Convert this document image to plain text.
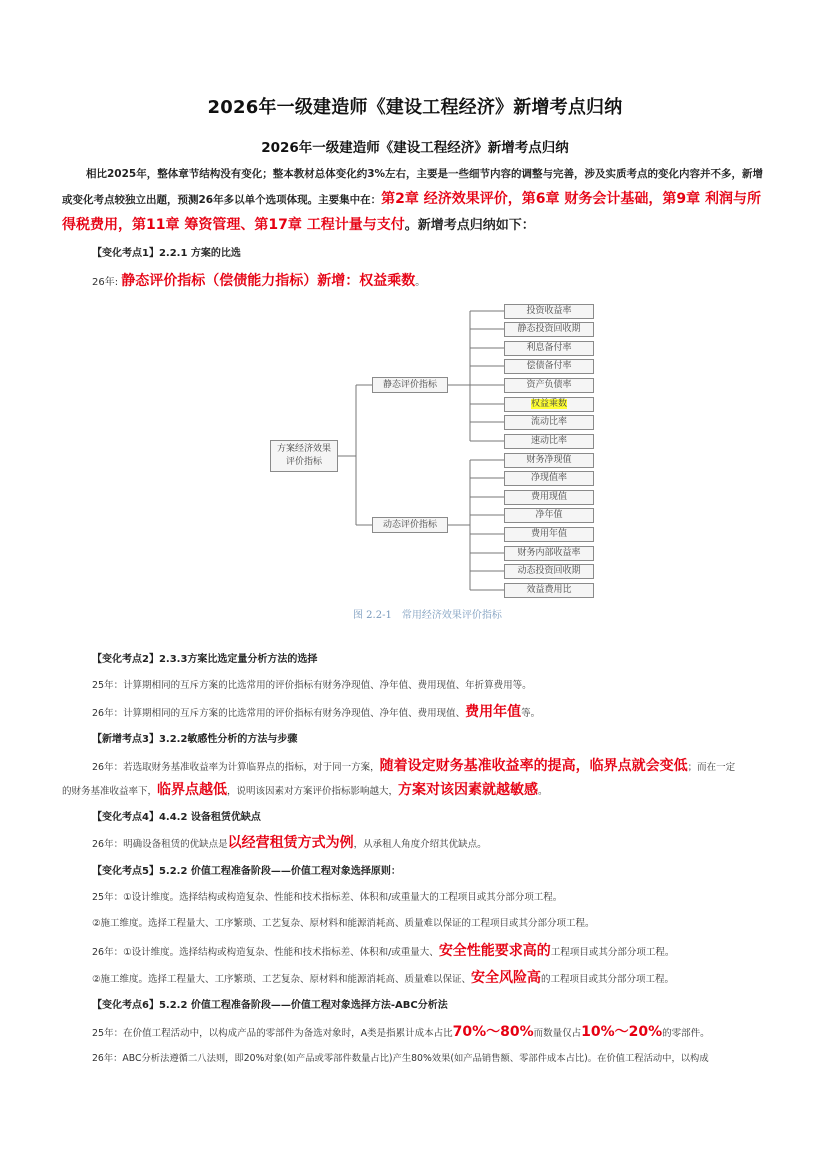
2026年一级建造师《建设工程经济》新增考点归纳
2026年一级建造师《建设工程经济》新增考点归纳
相比2025年，整体章节结构没有变化；整本教材总体变化约3%左右，主要是一些细节内容的调整与完善，涉及实质考点的变化内容并不多，新增或变化考点较独立出题，预测26年多以单个选项体现。主要集中在：第2章 经济效果评价，第6章 财务会计基础，第9章 利润与所得税费用，第11章 筹资管理、第17章 工程计量与支付。新增考点归纳如下：
【变化考点1】2.2.1 方案的比选
26年: 静态评价指标（偿债能力指标）新增：权益乘数。
方案经济效果
评价指标
静态评价指标
动态评价指标
投资收益率
静态投资回收期
利息备付率
偿债备付率
资产负债率
权益乘数
流动比率
速动比率
财务净现值
净现值率
费用现值
净年值
费用年值
财务内部收益率
动态投资回收期
效益费用比
图 2.2-1　常用经济效果评价指标
【变化考点2】2.3.3方案比选定量分析方法的选择
25年：计算期相同的互斥方案的比选常用的评价指标有财务净现值、净年值、费用现值、年折算费用等。
26年：计算期相同的互斥方案的比选常用的评价指标有财务净现值、净年值、费用现值、费用年值等。
【新增考点3】3.2.2敏感性分析的方法与步骤
26年：若选取财务基准收益率为计算临界点的指标，对于同一方案，随着设定财务基准收益率的提高，临界点就会变低；而在一定
的财务基准收益率下，临界点越低，说明该因素对方案评价指标影响越大，方案对该因素就越敏感。
【变化考点4】4.4.2 设备租赁优缺点
26年：明确设备租赁的优缺点是以经营租赁方式为例，从承租人角度介绍其优缺点。
【变化考点5】5.2.2 价值工程准备阶段——价值工程对象选择原则：
25年：①设计维度。选择结构或构造复杂、性能和技术指标差、体积和/或重量大的工程项目或其分部分项工程。
②施工维度。选择工程量大、工序繁琐、工艺复杂、原材料和能源消耗高、质量难以保证的工程项目或其分部分项工程。
26年：①设计维度。选择结构或构造复杂、性能和技术指标差、体积和/或重量大、安全性能要求高的工程项目或其分部分项工程。
②施工维度。选择工程量大、工序繁琐、工艺复杂、原材料和能源消耗高、质量难以保证、安全风险高的工程项目或其分部分项工程。
【变化考点6】5.2.2 价值工程准备阶段——价值工程对象选择方法-ABC分析法
25年：在价值工程活动中，以构成产品的零部件为备选对象时，A类是指累计成本占比70%～80%而数量仅占10%～20%的零部件。
26年：ABC分析法遵循二八法则，即20%对象(如产品或零部件数量占比)产生80%效果(如产品销售额、零部件成本占比)。在价值工程活动中，以构成
